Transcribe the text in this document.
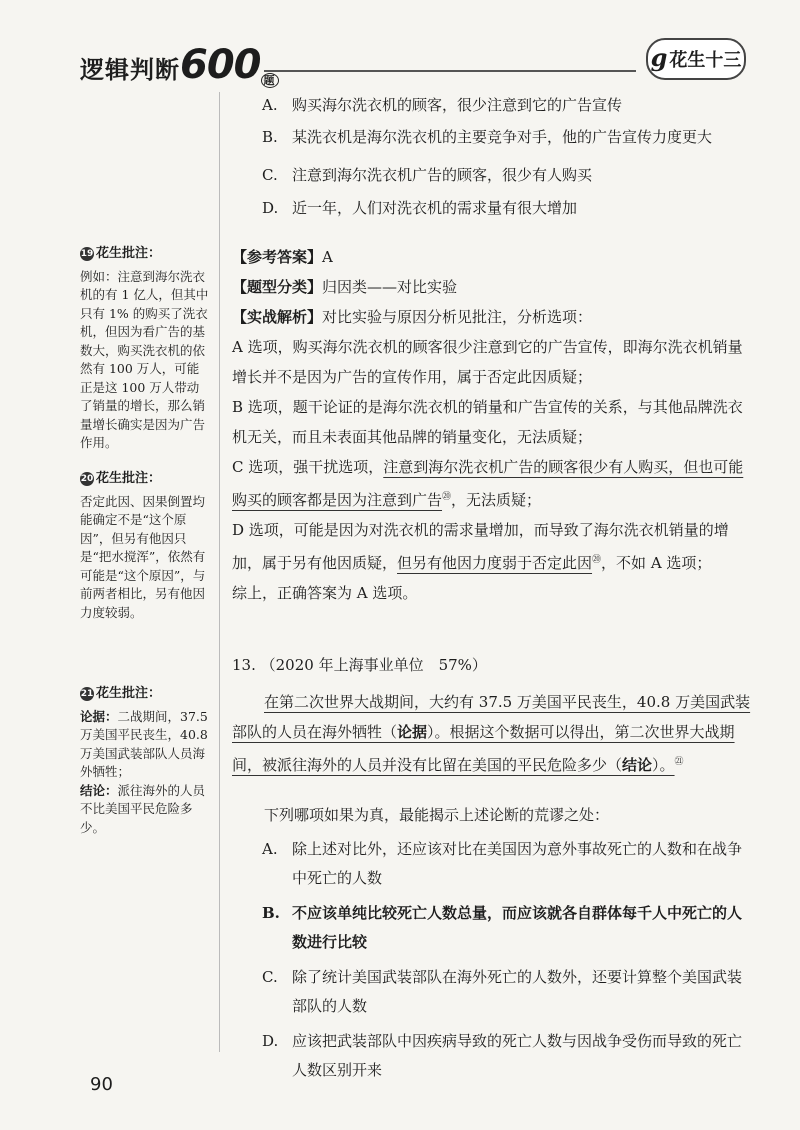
逻辑判断600 题
g 花生十三
A. 购买海尔洗衣机的顾客，很少注意到它的广告宣传
B. 某洗衣机是海尔洗衣机的主要竞争对手，他的广告宣传力度更大
C. 注意到海尔洗衣机广告的顾客，很少有人购买
D. 近一年，人们对洗衣机的需求量有很大增加
【参考答案】A
【题型分类】归因类——对比实验
【实战解析】对比实验与原因分析见批注，分析选项：
A 选项，购买海尔洗衣机的顾客很少注意到它的广告宣传，即海尔洗衣机销量增长并不是因为广告的宣传作用，属于否定此因质疑；
B 选项，题干论证的是海尔洗衣机的销量和广告宣传的关系，与其他品牌洗衣机无关，而且未表面其他品牌的销量变化，无法质疑；
C 选项，强干扰选项，注意到海尔洗衣机广告的顾客很少有人购买，但也可能购买的顾客都是因为注意到广告⑳，无法质疑；
D 选项，可能是因为对洗衣机的需求量增加，而导致了海尔洗衣机销量的增加，属于另有他因质疑，但另有他因力度弱于否定此因⑳，不如 A 选项；
综上，正确答案为 A 选项。
13. （2020 年上海事业单位　57%）
在第二次世界大战期间，大约有 37.5 万美国平民丧生，40.8 万美国武装部队的人员在海外牺牲（论据）。根据这个数据可以得出，第二次世界大战期间，被派往海外的人员并没有比留在美国的平民危险多少（结论）。$^㉑$
下列哪项如果为真，最能揭示上述论断的荒谬之处：
A. 除上述对比外，还应该对比在美国因为意外事故死亡的人数和在战争中死亡的人数
B. 不应该单纯比较死亡人数总量，而应该就各自群体每千人中死亡的人数进行比较
C. 除了统计美国武装部队在海外死亡的人数外，还要计算整个美国武装部队的人数
D. 应该把武装部队中因疾病导致的死亡人数与因战争受伤而导致的死亡人数区别开来
19 花生批注：
例如：注意到海尔洗衣机的有 1 亿人，但其中只有 1% 的购买了洗衣机，但因为看广告的基数大，购买洗衣机的依然有 100 万人，可能正是这 100 万人带动了销量的增长，那么销量增长确实是因为广告作用。
20 花生批注：
否定此因、因果倒置均能确定不是“这个原因”，但另有他因只是“把水搅浑”，依然有可能是“这个原因”，与前两者相比，另有他因力度较弱。
21 花生批注：
论据：二战期间，37.5 万美国平民丧生，40.8 万美国武装部队人员海外牺牲；
结论：派往海外的人员不比美国平民危险多少。
90
